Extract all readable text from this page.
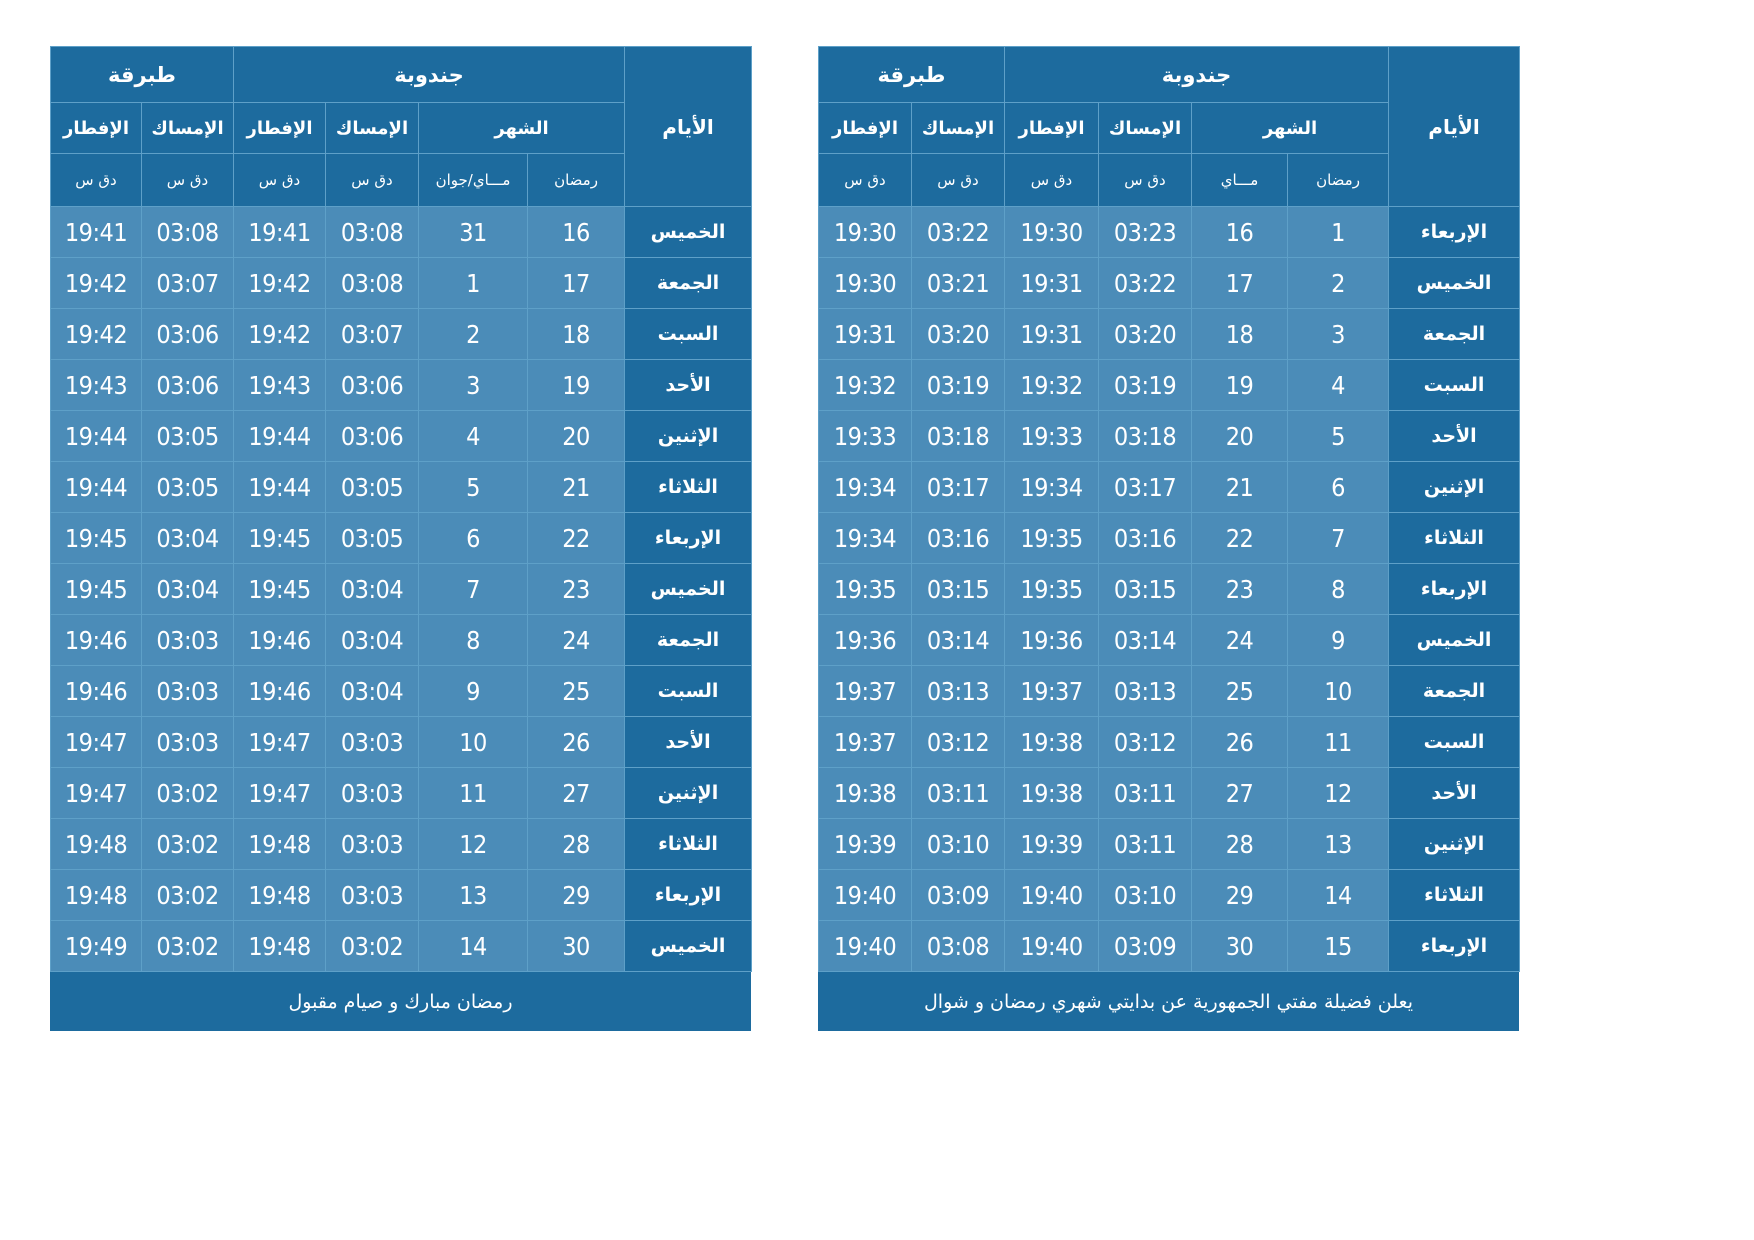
طبرقة		جندوبة				الأيام
الإفطار	الإمساك	الإفطار	الإمساك	الشهر		
دق س	دق س	دق س	دق س	مـــاي/جوان	رمضان	
19:41	03:08	19:41	03:08	31	16	الخميس
19:42	03:07	19:42	03:08	1	17	الجمعة
19:42	03:06	19:42	03:07	2	18	السبت
19:43	03:06	19:43	03:06	3	19	الأحد
19:44	03:05	19:44	03:06	4	20	الإثنين
19:44	03:05	19:44	03:05	5	21	الثلاثاء
19:45	03:04	19:45	03:05	6	22	الإربعاء
19:45	03:04	19:45	03:04	7	23	الخميس
19:46	03:03	19:46	03:04	8	24	الجمعة
19:46	03:03	19:46	03:04	9	25	السبت
19:47	03:03	19:47	03:03	10	26	الأحد
19:47	03:02	19:47	03:03	11	27	الإثنين
19:48	03:02	19:48	03:03	12	28	الثلاثاء
19:48	03:02	19:48	03:03	13	29	الإربعاء
19:49	03:02	19:48	03:02	14	30	الخميس
رمضان مبارك و صيام مقبول
طبرقة		جندوبة				الأيام
الإفطار	الإمساك	الإفطار	الإمساك	الشهر		
دق س	دق س	دق س	دق س	مـــاي	رمضان	
19:30	03:22	19:30	03:23	16	1	الإربعاء
19:30	03:21	19:31	03:22	17	2	الخميس
19:31	03:20	19:31	03:20	18	3	الجمعة
19:32	03:19	19:32	03:19	19	4	السبت
19:33	03:18	19:33	03:18	20	5	الأحد
19:34	03:17	19:34	03:17	21	6	الإثنين
19:34	03:16	19:35	03:16	22	7	الثلاثاء
19:35	03:15	19:35	03:15	23	8	الإربعاء
19:36	03:14	19:36	03:14	24	9	الخميس
19:37	03:13	19:37	03:13	25	10	الجمعة
19:37	03:12	19:38	03:12	26	11	السبت
19:38	03:11	19:38	03:11	27	12	الأحد
19:39	03:10	19:39	03:11	28	13	الإثنين
19:40	03:09	19:40	03:10	29	14	الثلاثاء
19:40	03:08	19:40	03:09	30	15	الإربعاء
يعلن فضيلة مفتي الجمهورية عن بدايتي شهري رمضان و شوال
